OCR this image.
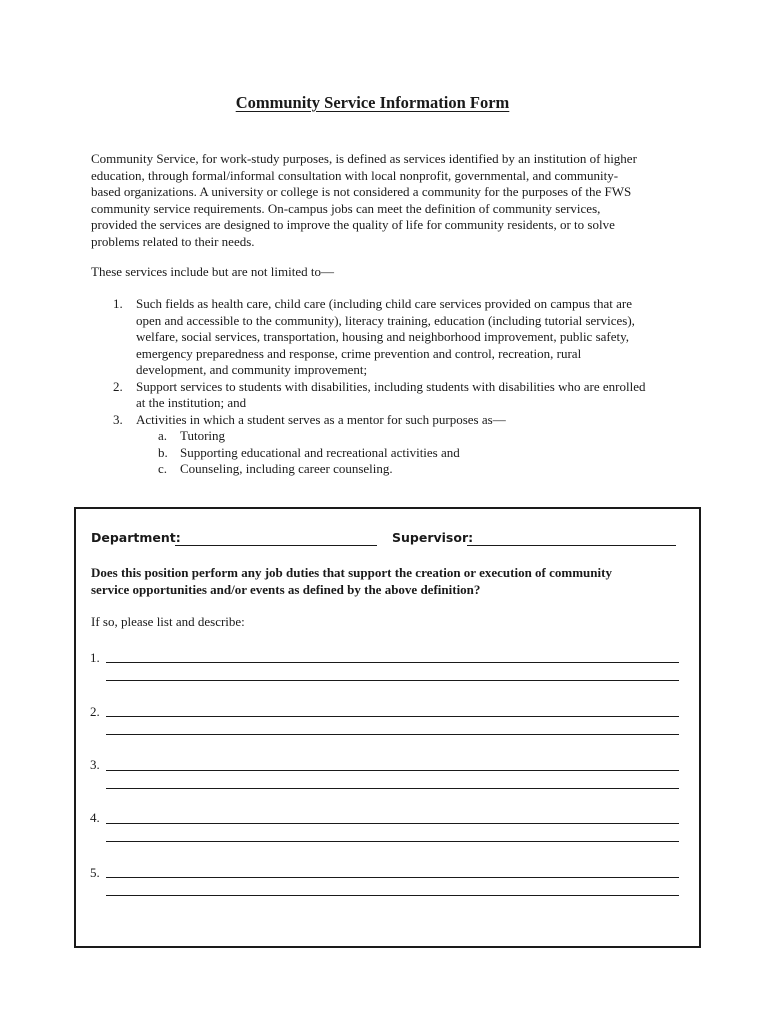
Community Service Information Form
Community Service, for work-study purposes, is defined as services identified by an institution of higher
education, through formal/informal consultation with local nonprofit, governmental, and community-
based organizations. A university or college is not considered a community for the purposes of the FWS
community service requirements. On-campus jobs can meet the definition of community services,
provided the services are designed to improve the quality of life for community residents, or to solve
problems related to their needs.
These services include but are not limited to—
1.	Such fields as health care, child care (including child care services provided on campus that are
open and accessible to the community), literacy training, education (including tutorial services),
welfare, social services, transportation, housing and neighborhood improvement, public safety,
emergency preparedness and response, crime prevention and control, recreation, rural
development, and community improvement;
2.	Support services to students with disabilities, including students with disabilities who are enrolled
at the institution; and
3.	Activities in which a student serves as a mentor for such purposes as—
a. Tutoring
b. Supporting educational and recreational activities and
c. Counseling, including career counseling.
Department:	Supervisor:
Does this position perform any job duties that support the creation or execution of community
service opportunities and/or events as defined by the above definition?
If so, please list and describe:
1.
2.
3.
4.
5.
